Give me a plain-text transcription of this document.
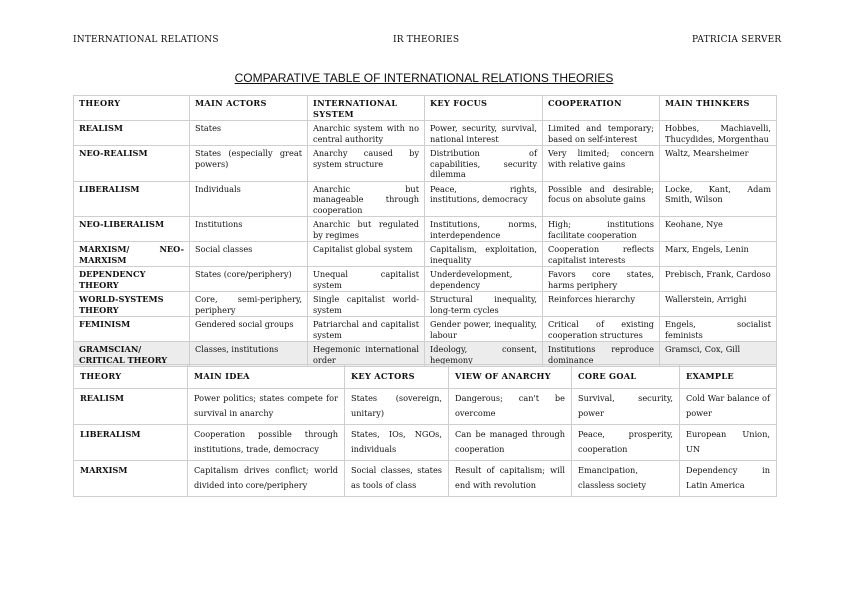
INTERNATIONAL RELATIONS	IR THEORIES	PATRICIA SERVER
COMPARATIVE TABLE OF INTERNATIONAL RELATIONS THEORIES
THEORY	MAIN ACTORS	INTERNATIONAL SYSTEM	KEY FOCUS	COOPERATION	MAIN THINKERS
REALISM	States	Anarchic system with no central authority	Power, security, survival, national interest	Limited and temporary; based on self-interest	Hobbes, Machiavelli, Thucydides, Morgenthau
NEO-REALISM	States (especially great powers)	Anarchy caused by system structure	Distribution of capabilities, security dilemma	Very limited; concern with relative gains	Waltz, Mearsheimer
LIBERALISM	Individuals	Anarchic but manageable through cooperation	Peace, rights, institutions, democracy	Possible and desirable; focus on absolute gains	Locke, Kant, Adam Smith, Wilson
NEO-LIBERALISM	Institutions	Anarchic but regulated by regimes	Institutions, norms, interdependence	High; institutions facilitate cooperation	Keohane, Nye
MARXISM/ NEO-MARXISM	Social classes	Capitalist global system	Capitalism, exploitation, inequality	Cooperation reflects capitalist interests	Marx, Engels, Lenin
DEPENDENCY THEORY	States (core/periphery)	Unequal capitalist system	Underdevelopment, dependency	Favors core states, harms periphery	Prebisch, Frank, Cardoso
WORLD-SYSTEMS THEORY	Core, semi-periphery, periphery	Single capitalist world-system	Structural inequality, long-term cycles	Reinforces hierarchy	Wallerstein, Arrighi
FEMINISM	Gendered social groups	Patriarchal and capitalist system	Gender power, inequality, labour	Critical of existing cooperation structures	Engels, socialist feminists
GRAMSCIAN/ CRITICAL THEORY	Classes, institutions	Hegemonic international order	Ideology, consent, hegemony	Institutions reproduce dominance	Gramsci, Cox, Gill
THEORY	MAIN IDEA	KEY ACTORS	VIEW OF ANARCHY	CORE GOAL	EXAMPLE
REALISM	Power politics; states compete for survival in anarchy	States (sovereign, unitary)	Dangerous; can't be overcome	Survival, security, power	Cold War balance of power
LIBERALISM	Cooperation possible through institutions, trade, democracy	States, IOs, NGOs, individuals	Can be managed through cooperation	Peace, prosperity, cooperation	European Union, UN
MARXISM	Capitalism drives conflict; world divided into core/periphery	Social classes, states as tools of class	Result of capitalism; will end with revolution	Emancipation, classless society	Dependency in Latin America
